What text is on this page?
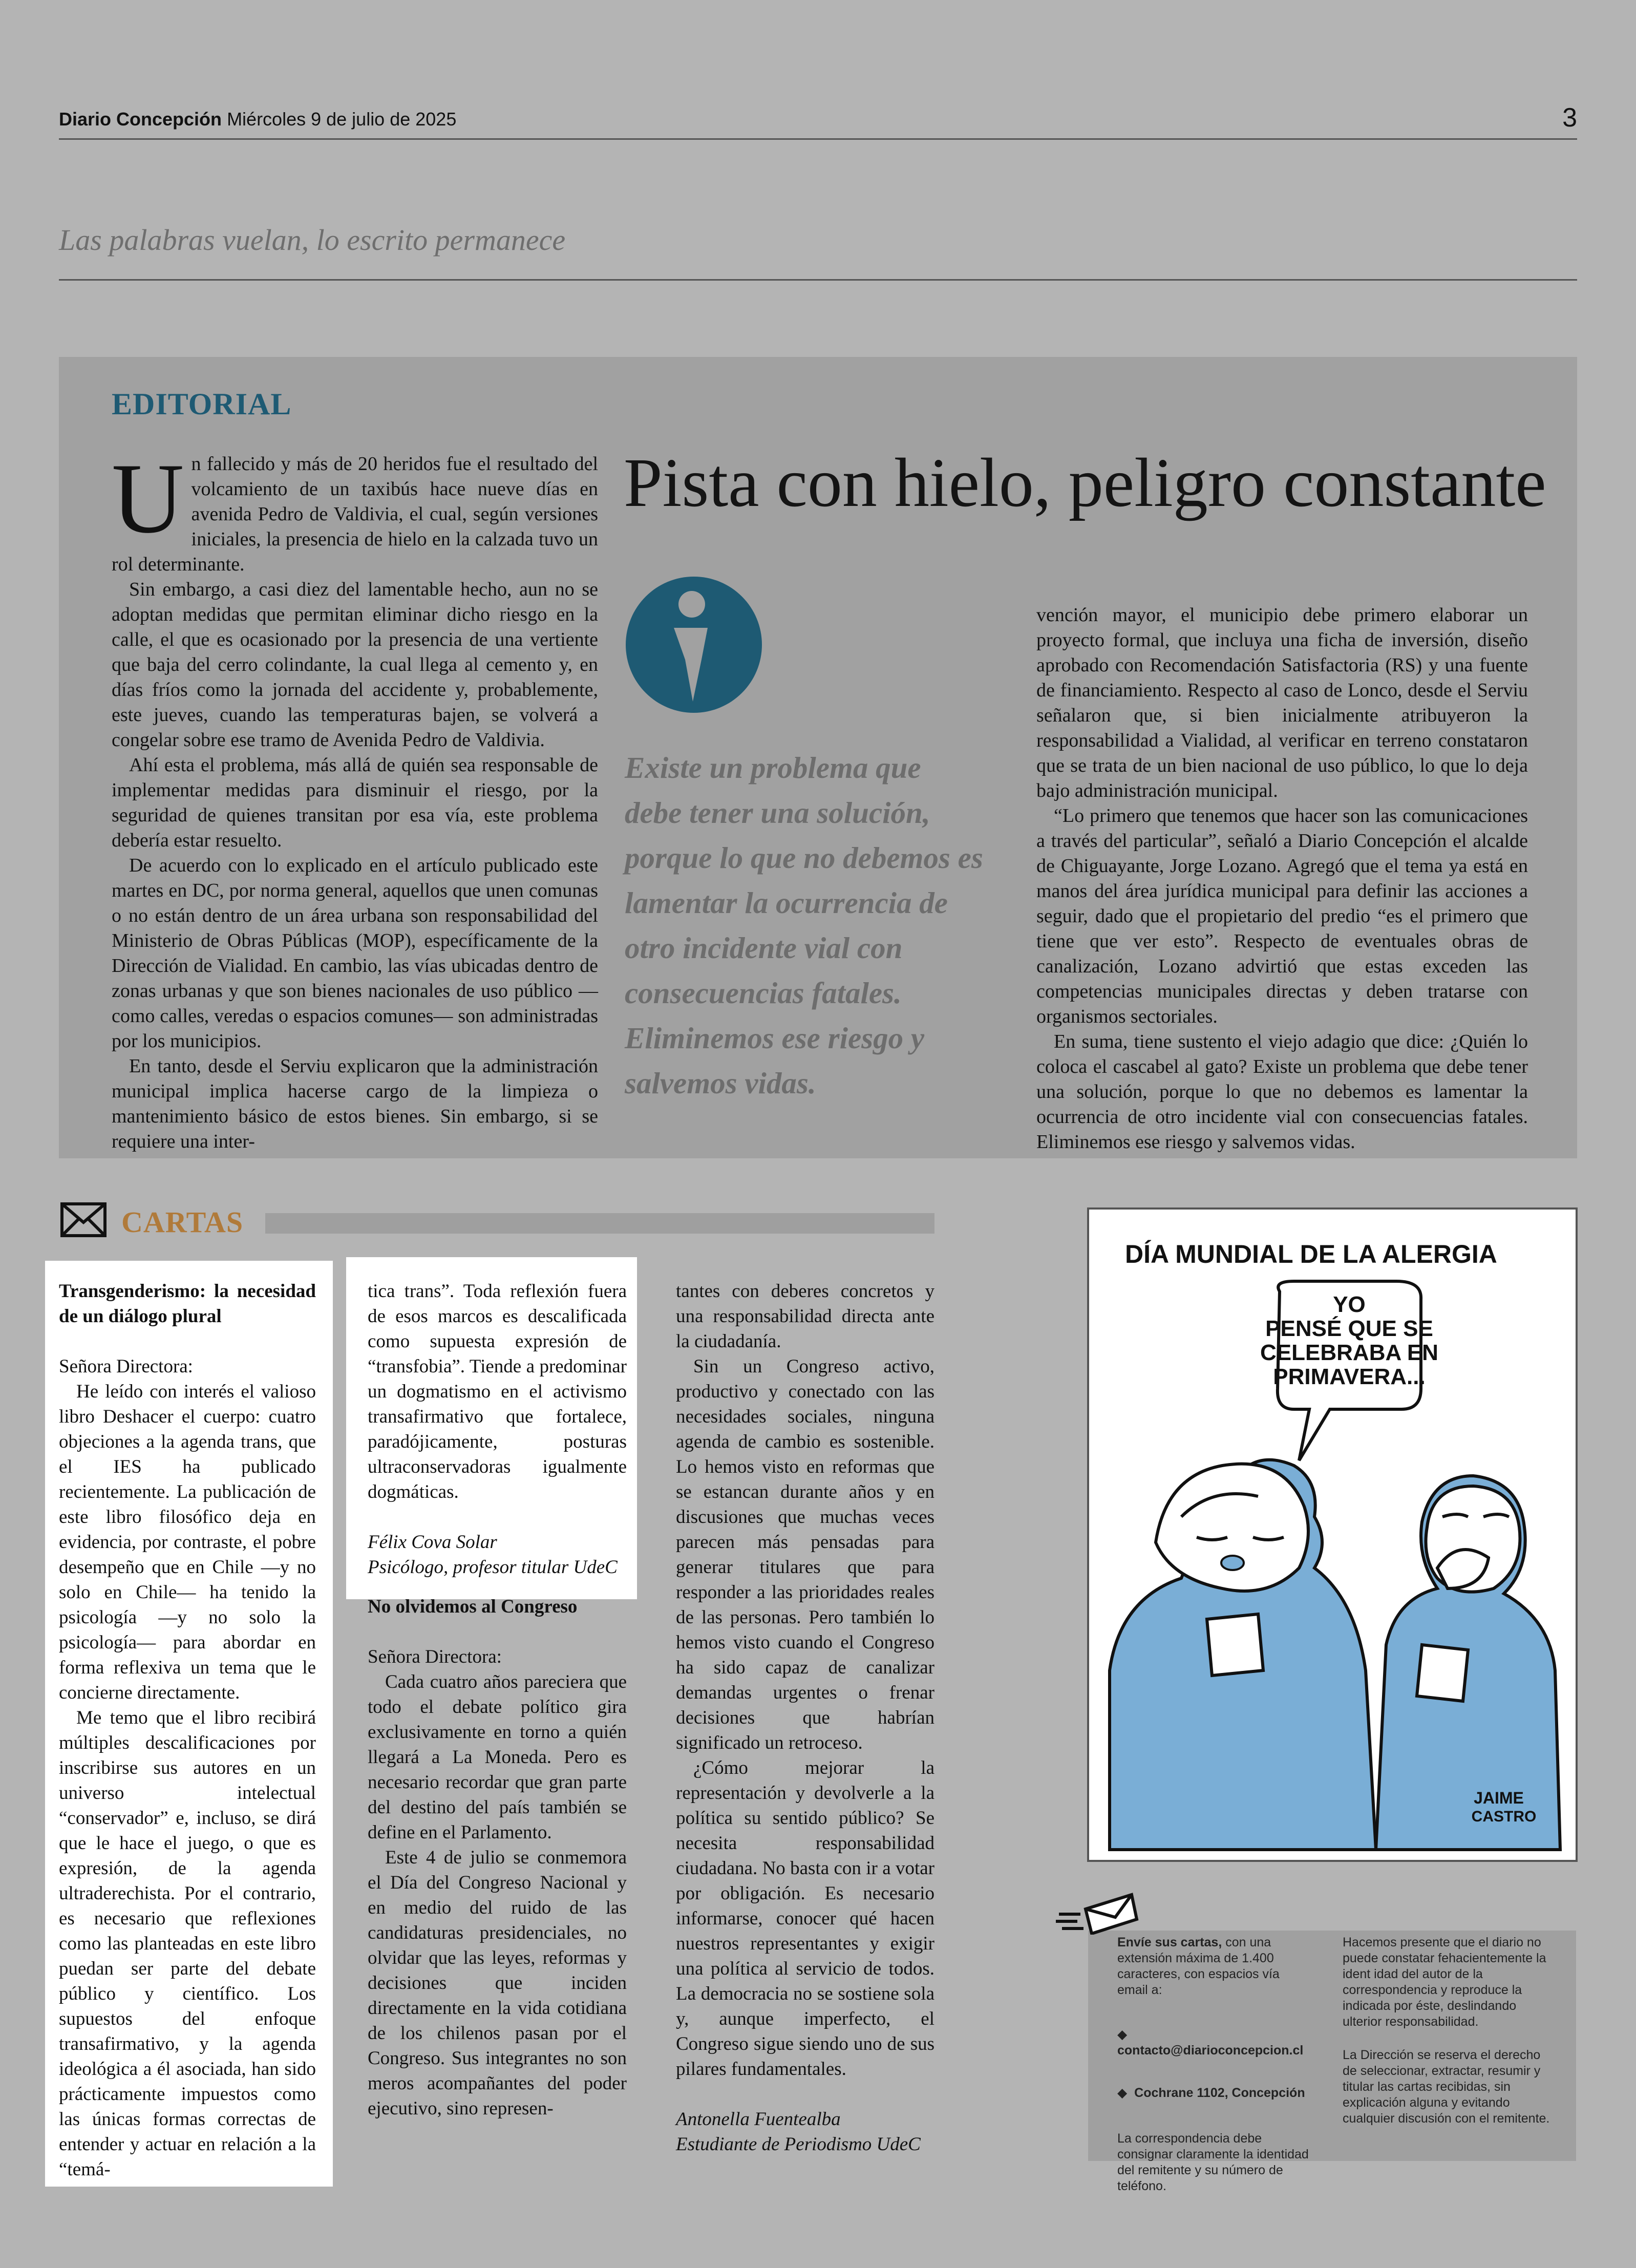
Diario Concepción Miércoles 9 de julio de 2025	3
Las palabras vuelan, lo escrito permanece
EDITORIAL
Pista con hielo, peligro constante

Un fallecido y más de 20 heridos fue el resultado del volcamiento de un taxibús hace nueve días en avenida Pedro de Valdivia, el cual, según versiones iniciales, la presencia de hielo en la calzada tuvo un rol determinante.

Sin embargo, a casi diez del lamentable hecho, aun no se adoptan medidas que permitan eliminar dicho riesgo en la calle, el que es ocasionado por la presencia de una vertiente que baja del cerro colindante, la cual llega al cemento y, en días fríos como la jornada del accidente y, probablemente, este jueves, cuando las temperaturas bajen, se volverá a congelar sobre ese tramo de Avenida Pedro de Valdivia.

Ahí esta el problema, más allá de quién sea responsable de implementar medidas para disminuir el riesgo, por la seguridad de quienes transitan por esa vía, este problema debería estar resuelto.

De acuerdo con lo explicado en el artículo publicado este martes en DC, por norma general, aquellos que unen comunas o no están dentro de un área urbana son responsabilidad del Ministerio de Obras Públicas (MOP), específicamente de la Dirección de Vialidad. En cambio, las vías ubicadas dentro de zonas urbanas y que son bienes nacionales de uso público —como calles, veredas o espacios comunes— son administradas por los municipios.

En tanto, desde el Serviu explicaron que la administración municipal implica hacerse cargo de la limpieza o mantenimiento básico de estos bienes. Sin embargo, si se requiere una inter-

Existe un problema que debe tener una solución, porque lo que no debemos es lamentar la ocurrencia de otro incidente vial con consecuencias fatales. Eliminemos ese riesgo y salvemos vidas.

vención mayor, el municipio debe primero elaborar un proyecto formal, que incluya una ficha de inversión, diseño aprobado con Recomendación Satisfactoria (RS) y una fuente de financiamiento. Respecto al caso de Lonco, desde el Serviu señalaron que, si bien inicialmente atribuyeron la responsabilidad a Vialidad, al verificar en terreno constataron que se trata de un bien nacional de uso público, lo que lo deja bajo administración municipal.

“Lo primero que tenemos que hacer son las comunicaciones a través del particular”, señaló a Diario Concepción el alcalde de Chiguayante, Jorge Lozano. Agregó que el tema ya está en manos del área jurídica municipal para definir las acciones a seguir, dado que el propietario del predio “es el primero que tiene que ver esto”. Respecto de eventuales obras de canalización, Lozano advirtió que estas exceden las competencias municipales directas y deben tratarse con organismos sectoriales.

En suma, tiene sustento el viejo adagio que dice: ¿Quién lo coloca el cascabel al gato? Existe un problema que debe tener una solución, porque lo que no debemos es lamentar la ocurrencia de otro incidente vial con consecuencias fatales. Eliminemos ese riesgo y salvemos vidas.

CARTAS

Transgenderismo: la necesidad de un diálogo plural

Señora Directora:

He leído con interés el valioso libro Deshacer el cuerpo: cuatro objeciones a la agenda trans, que el IES ha publicado recientemente. La publicación de este libro filosófico deja en evidencia, por contraste, el pobre desempeño que en Chile —y no solo en Chile— ha tenido la psicología —y no solo la psicología— para abordar en forma reflexiva un tema que le concierne directamente.

Me temo que el libro recibirá múltiples descalificaciones por inscribirse sus autores en un universo intelectual “conservador” e, incluso, se dirá que le hace el juego, o que es expresión, de la agenda ultraderechista. Por el contrario, es necesario que reflexiones como las planteadas en este libro puedan ser parte del debate público y científico. Los supuestos del enfoque transafirmativo, y la agenda ideológica a él asociada, han sido prácticamente impuestos como las únicas formas correctas de entender y actuar en relación a la “temá-

tica trans”. Toda reflexión fuera de esos marcos es descalificada como supuesta expresión de “transfobia”. Tiende a predominar un dogmatismo en el activismo transafirmativo que fortalece, paradójicamente, posturas ultraconservadoras igualmente dogmáticas.

Félix Cova Solar

Psicólogo, profesor titular UdeC

No olvidemos al Congreso

Señora Directora:

Cada cuatro años parecierа que todo el debate político gira exclusivamente en torno a quién llegará a La Moneda. Pero es necesario recordar que gran parte del destino del país también se define en el Parlamento.

Este 4 de julio se conmemora el Día del Congreso Nacional y en medio del ruido de las candidaturas presidenciales, no olvidar que las leyes, reformas y decisiones que inciden directamente en la vida cotidiana de los chilenos pasan por el Congreso. Sus integrantes no son meros acompañantes del poder ejecutivo, sino represen-

tantes con deberes concretos y una responsabilidad directa ante la ciudadanía.

Sin un Congreso activo, productivo y conectado con las necesidades sociales, ninguna agenda de cambio es sostenible. Lo hemos visto en reformas que se estancan durante años y en discusiones que muchas veces parecen más pensadas para generar titulares que para responder a las prioridades reales de las personas. Pero también lo hemos visto cuando el Congreso ha sido capaz de canalizar demandas urgentes o frenar decisiones que habrían significado un retroceso.

¿Cómo mejorar la representación y devolverle a la política su sentido público? Se necesita responsabilidad ciudadana. No basta con ir a votar por obligación. Es necesario informarse, conocer qué hacen nuestros representantes y exigir una política al servicio de todos. La democracia no se sostiene sola y, aunque imperfecto, el Congreso sigue siendo uno de sus pilares fundamentales.

Antonella Fuentealba

Estudiante de Periodismo UdeC

DÍA MUNDIAL DE LA ALERGIA
YO
PENSÉ QUE SE
CELEBRABA EN
PRIMAVERA...
JAIME
CASTRO

Envíe sus cartas, con una extensión máxima de 1.400 caracteres, con espacios vía email a:

◆  contacto@diarioconcepcion.cl

◆ Cochrane 1102, Concepción

La correspondencia debe consignar claramente la identidad del remitente y su número de teléfono.

Hacemos presente que el diario no puede constatar fehacientemente la ident idad del autor de la correspondencia y reproduce la indicada por éste, deslindando ulterior responsabilidad.

La Dirección se reserva el derecho de seleccionar, extractar, resumir y titular las cartas recibidas, sin explicación alguna y evitando cualquier discusión con el remitente.
